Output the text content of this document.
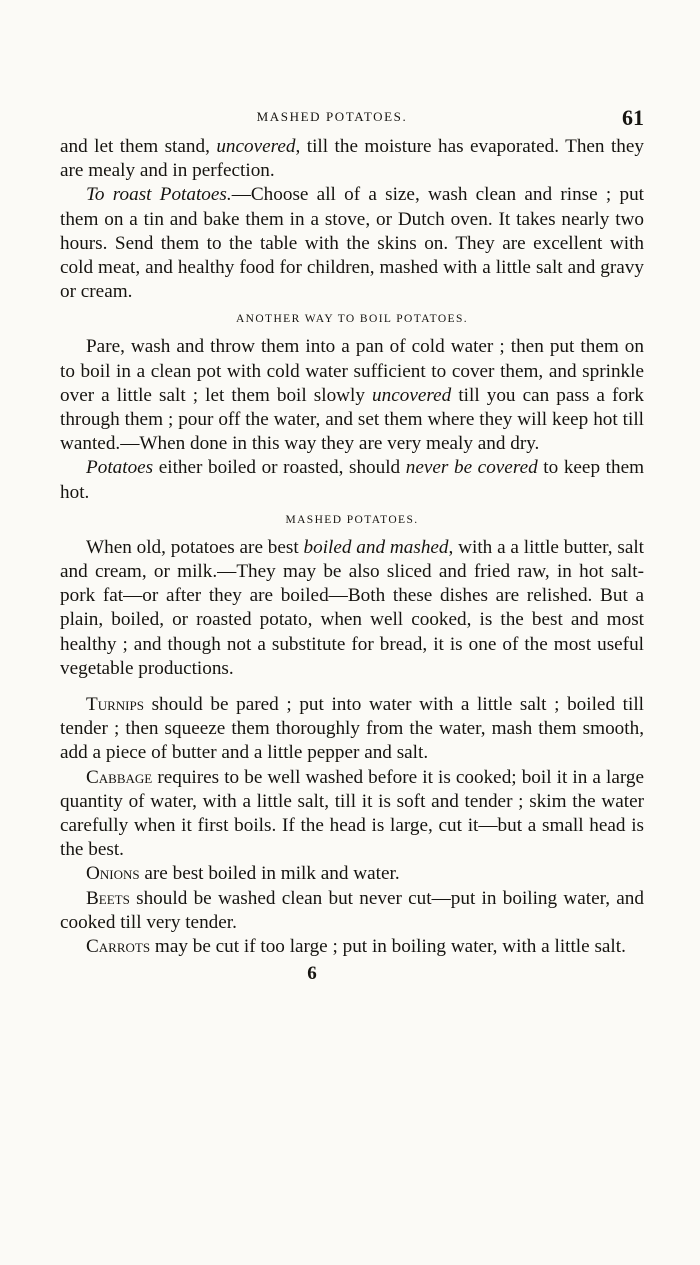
MASHED POTATOES.	61

and let them stand, uncovered, till the moisture has evaporated. Then they are mealy and in perfection.

To roast Potatoes.—Choose all of a size, wash clean and rinse ; put them on a tin and bake them in a stove, or Dutch oven. It takes nearly two hours. Send them to the table with the skins on. They are excellent with cold meat, and healthy food for children, mashed with a little salt and gravy or cream.

ANOTHER WAY TO BOIL POTATOES.

Pare, wash and throw them into a pan of cold water ; then put them on to boil in a clean pot with cold water sufficient to cover them, and sprinkle over a little salt ; let them boil slowly uncovered till you can pass a fork through them ; pour off the water, and set them where they will keep hot till wanted.—When done in this way they are very mealy and dry.

Potatoes either boiled or roasted, should never be covered to keep them hot.

MASHED POTATOES.

When old, potatoes are best boiled and mashed, with a a little butter, salt and cream, or milk.—They may be also sliced and fried raw, in hot salt-pork fat—or after they are boiled—Both these dishes are relished. But a plain, boiled, or roasted potato, when well cooked, is the best and most healthy ; and though not a substitute for bread, it is one of the most useful vegetable productions.

Turnips should be pared ; put into water with a little salt ; boiled till tender ; then squeeze them thoroughly from the water, mash them smooth, add a piece of butter and a little pepper and salt.

Cabbage requires to be well washed before it is cooked; boil it in a large quantity of water, with a little salt, till it is soft and tender ; skim the water carefully when it first boils. If the head is large, cut it—but a small head is the best.

Onions are best boiled in milk and water.

Beets should be washed clean but never cut—put in boiling water, and cooked till very tender.

Carrots may be cut if too large ; put in boiling water, with a little salt.

6
